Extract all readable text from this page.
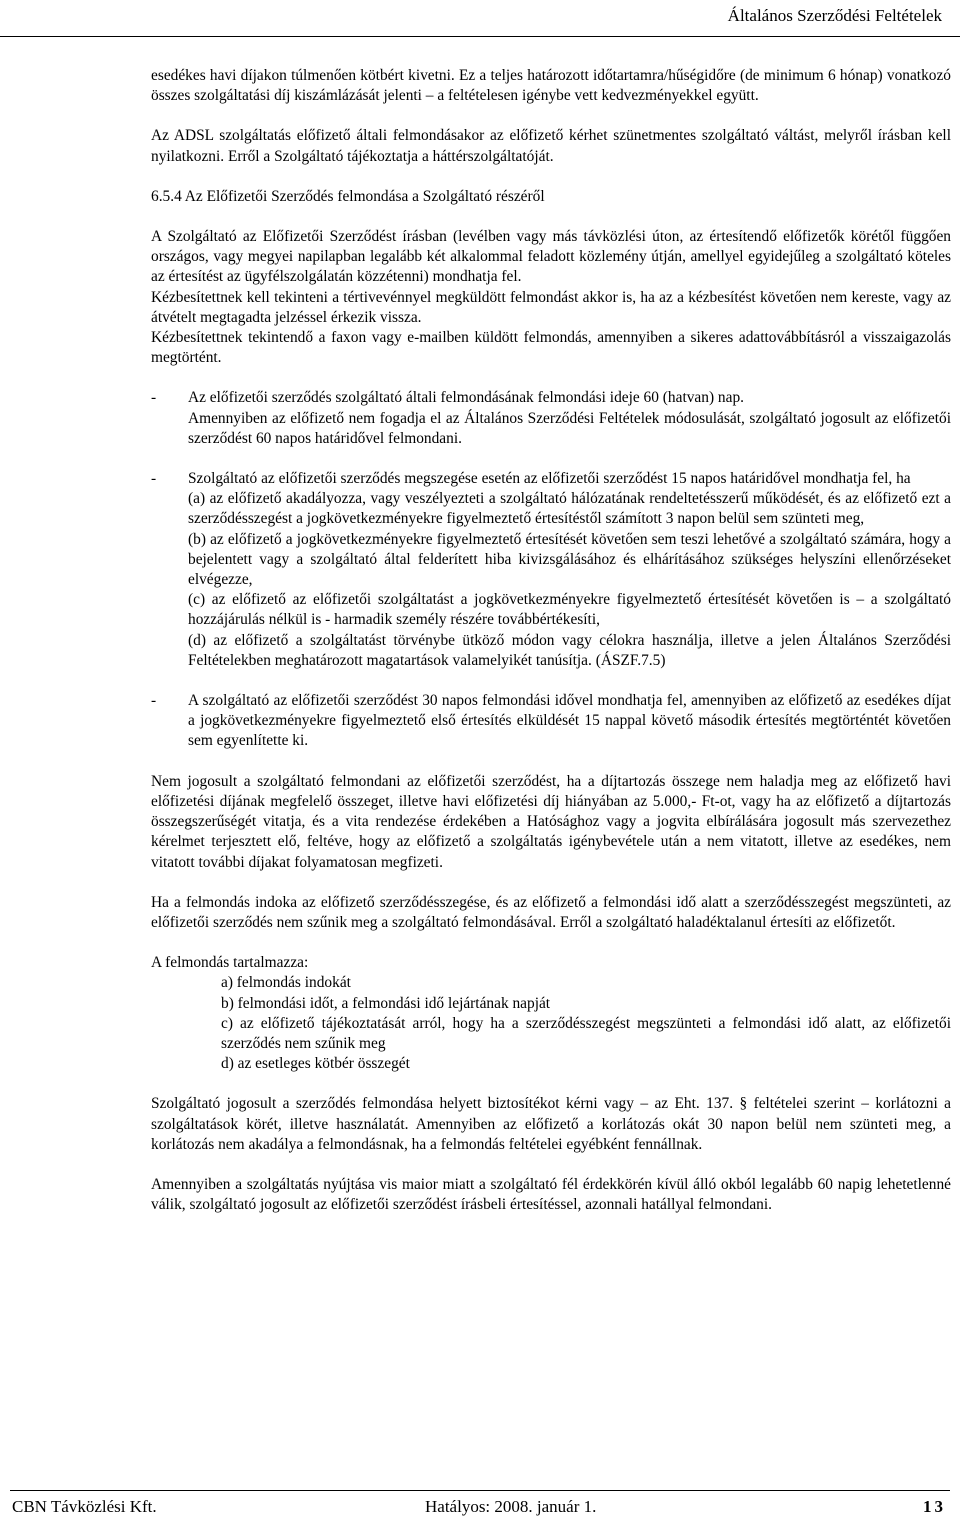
Általános Szerződési Feltételek

esedékes havi díjakon túlmenően kötbért kivetni. Ez a teljes határozott időtartamra/hűségidőre (de minimum 6 hónap) vonatkozó összes szolgáltatási díj kiszámlázását jelenti – a feltételesen igénybe vett kedvezményekkel együtt.

Az ADSL szolgáltatás előfizető általi felmondásakor az előfizető kérhet szünetmentes szolgáltató váltást, melyről írásban kell nyilatkozni. Erről a Szolgáltató tájékoztatja a háttérszolgáltatóját.

6.5.4 Az Előfizetői Szerződés felmondása a Szolgáltató részéről

A Szolgáltató az Előfizetői Szerződést írásban (levélben vagy más távközlési úton, az értesítendő előfizetők körétől függően országos, vagy megyei napilapban legalább két alkalommal feladott közlemény útján, amellyel egyidejűleg a szolgáltató köteles az értesítést az ügyfélszolgálatán közzétenni) mondhatja fel.

Kézbesítettnek kell tekinteni a tértivevénnyel megküldött felmondást akkor is, ha az a kézbesítést követően nem kereste, vagy az átvételt megtagadta jelzéssel érkezik vissza.

Kézbesítettnek tekintendő a faxon vagy e-mailben küldött felmondás, amennyiben a sikeres adattovábbításról a visszaigazolás megtörtént.

-	Az előfizetői szerződés szolgáltató általi felmondásának felmondási ideje 60 (hatvan) nap.

Amennyiben az előfizető nem fogadja el az Általános Szerződési Feltételek módosulását, szolgáltató jogosult az előfizetői szerződést 60 napos határidővel felmondani.

-	Szolgáltató az előfizetői szerződés megszegése esetén az előfizetői szerződést 15 napos határidővel mondhatja fel, ha

(a) az előfizető akadályozza, vagy veszélyezteti a szolgáltató hálózatának rendeltetésszerű működését, és az előfizető ezt a szerződésszegést a jogkövetkezményekre figyelmeztető értesítéstől számított 3 napon belül sem szünteti meg,

(b) az előfizető a jogkövetkezményekre figyelmeztető értesítését követően sem teszi lehetővé a szolgáltató számára, hogy a bejelentett vagy a szolgáltató által felderített hiba kivizsgálásához és elhárításához szükséges helyszíni ellenőrzéseket elvégezze,

(c) az előfizető az előfizetői szolgáltatást a jogkövetkezményekre figyelmeztető értesítését követően is – a szolgáltató hozzájárulás nélkül is - harmadik személy részére továbbértékesíti,

(d) az előfizető a szolgáltatást törvénybe ütköző módon vagy célokra használja, illetve a jelen Általános Szerződési Feltételekben meghatározott magatartások valamelyikét tanúsítja. (ÁSZF.7.5)

-	A szolgáltató az előfizetői szerződést 30 napos felmondási idővel mondhatja fel, amennyiben az előfizető az esedékes díjat a jogkövetkezményekre figyelmeztető első értesítés elküldését 15 nappal követő második értesítés megtörténtét követően sem egyenlítette ki.

Nem jogosult a szolgáltató felmondani az előfizetői szerződést, ha a díjtartozás összege nem haladja meg az előfizető havi előfizetési díjának megfelelő összeget, illetve havi előfizetési díj hiányában az 5.000,- Ft-ot, vagy ha az előfizető a díjtartozás összegszerűségét vitatja, és a vita rendezése érdekében a Hatósághoz vagy a jogvita elbírálására jogosult más szervezethez kérelmet terjesztett elő, feltéve, hogy az előfizető a szolgáltatás igénybevétele után a nem vitatott, illetve az esedékes, nem vitatott további díjakat folyamatosan megfizeti.

Ha a felmondás indoka az előfizető szerződésszegése, és az előfizető a felmondási idő alatt a szerződésszegést megszünteti, az előfizetői szerződés nem szűnik meg a szolgáltató felmondásával. Erről a szolgáltató haladéktalanul értesíti az előfizetőt.

A felmondás tartalmazza:

a) felmondás indokát

b) felmondási időt, a felmondási idő lejártának napját

c) az előfizető tájékoztatását arról, hogy ha a szerződésszegést megszünteti a felmondási idő alatt, az előfizetői szerződés nem szűnik meg

d) az esetleges kötbér összegét

Szolgáltató jogosult a szerződés felmondása helyett biztosítékot kérni vagy – az Eht. 137. § feltételei szerint – korlátozni a szolgáltatások körét, illetve használatát. Amennyiben az előfizető a korlátozás okát 30 napon belül nem szünteti meg, a korlátozás nem akadálya a felmondásnak, ha a felmondás feltételei egyébként fennállnak.

Amennyiben a szolgáltatás nyújtása vis maior miatt a szolgáltató fél érdekkörén kívül álló okból legalább 60 napig lehetetlenné válik, szolgáltató jogosult az előfizetői szerződést írásbeli értesítéssel, azonnali hatállyal felmondani.

CBN Távközlési Kft.	Hatályos: 2008. január 1.	13
